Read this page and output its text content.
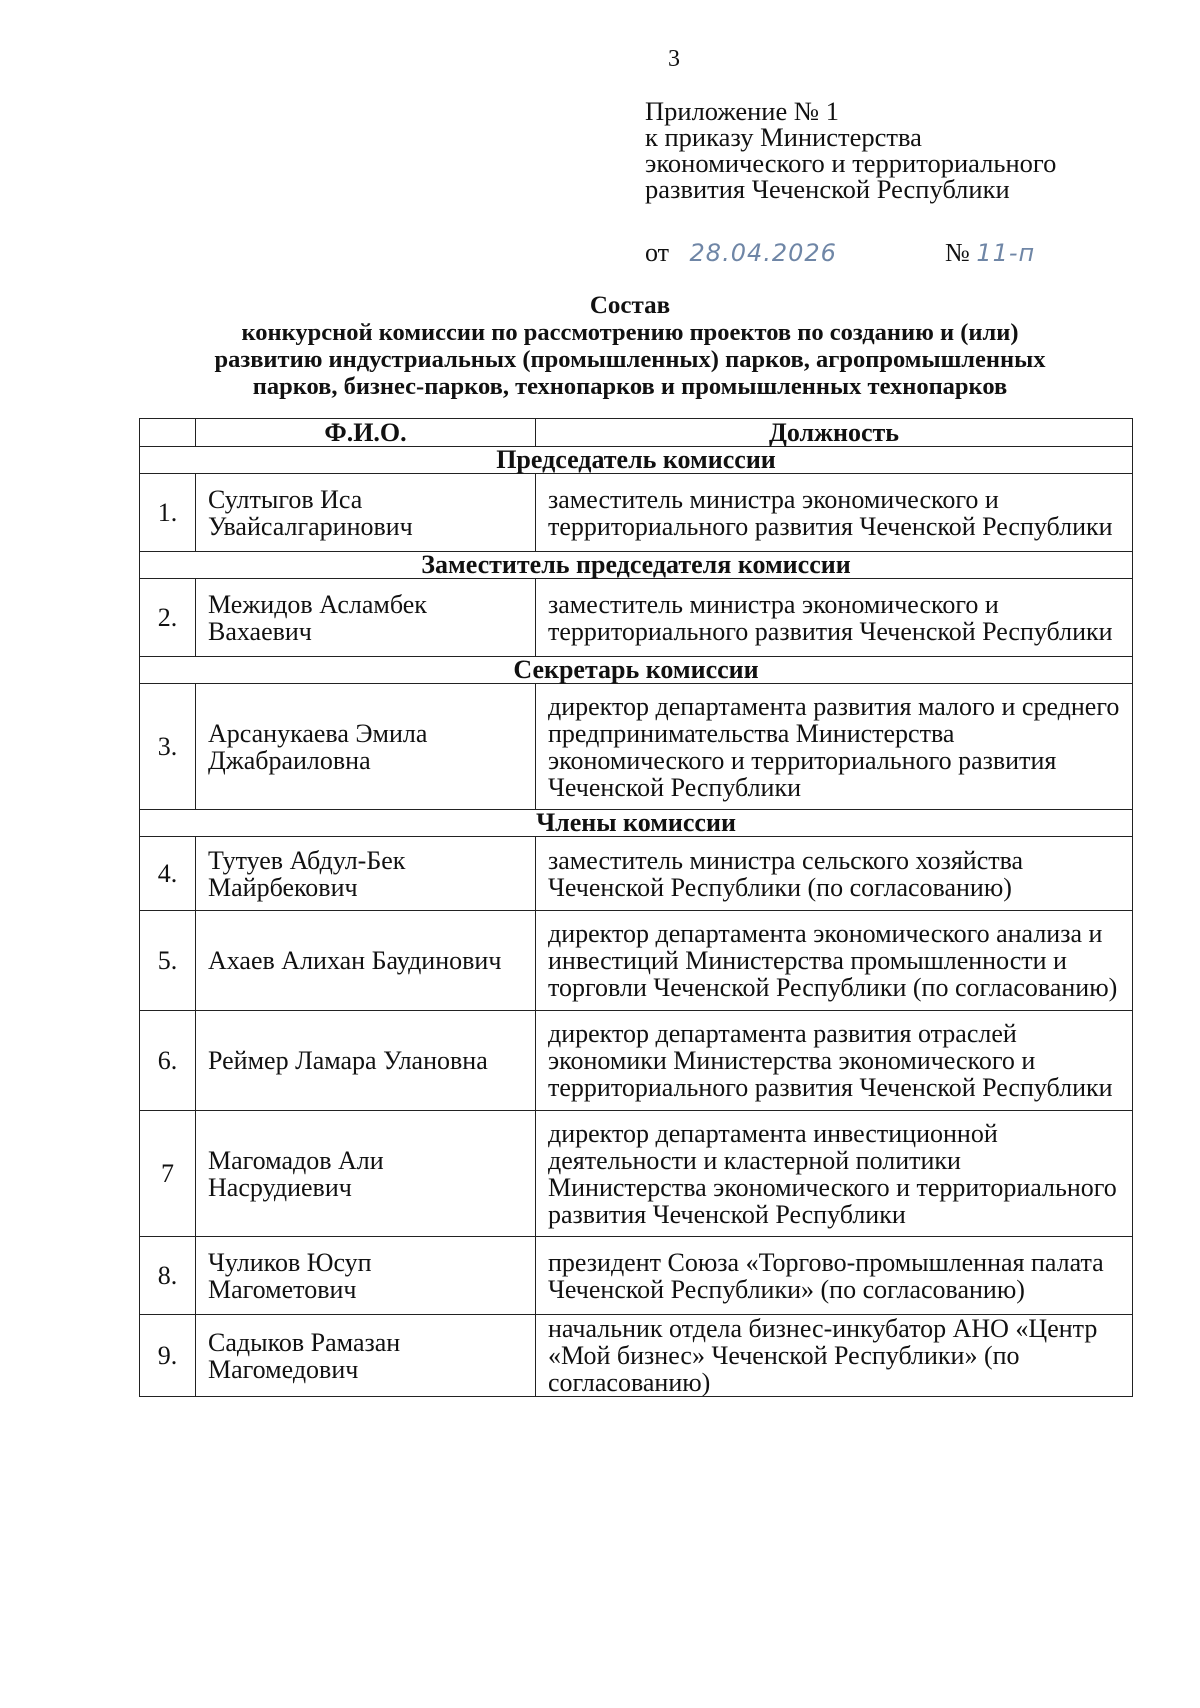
3
Приложение № 1
к приказу Министерства
экономического и территориального
развития Чеченской Республики
от 28.04.2026	№ 11-п
Состав
конкурсной комиссии по рассмотрению проектов по созданию и (или)
развитию индустриальных (промышленных) парков, агропромышленных
парков, бизнес-парков, технопарков и промышленных технопарков
	Ф.И.О.	Должность
Председатель комиссии		
1.	Султыгов Иса Увайсалгаринович	заместитель министра экономического и территориального развития Чеченской Республики
Заместитель председателя комиссии		
2.	Межидов Асламбек Вахаевич	заместитель министра экономического и территориального развития Чеченской Республики
Секретарь комиссии		
3.	Арсанукаева Эмила Джабраиловна	директор департамента развития малого и среднего предпринимательства Министерства экономического и территориального развития Чеченской Республики
Члены комиссии		
4.	Тутуев Абдул-Бек Майрбекович	заместитель министра сельского хозяйства Чеченской Республики (по согласованию)
5.	Ахаев Алихан Баудинович	директор департамента экономического анализа и инвестиций Министерства промышленности и торговли Чеченской Республики (по согласованию)
6.	Реймер Ламара Улановна	директор департамента развития отраслей экономики Министерства экономического и территориального развития Чеченской Республики
7	Магомадов Али Насрудиевич	директор департамента инвестиционной деятельности и кластерной политики Министерства экономического и территориального развития Чеченской Республики
8.	Чуликов Юсуп Магометович	президент Союза «Торгово-промышленная палата Чеченской Республики» (по согласованию)
9.	Садыков Рамазан Магомедович	начальник отдела бизнес-инкубатор АНО «Центр «Мой бизнес» Чеченской Республики» (по согласованию)
